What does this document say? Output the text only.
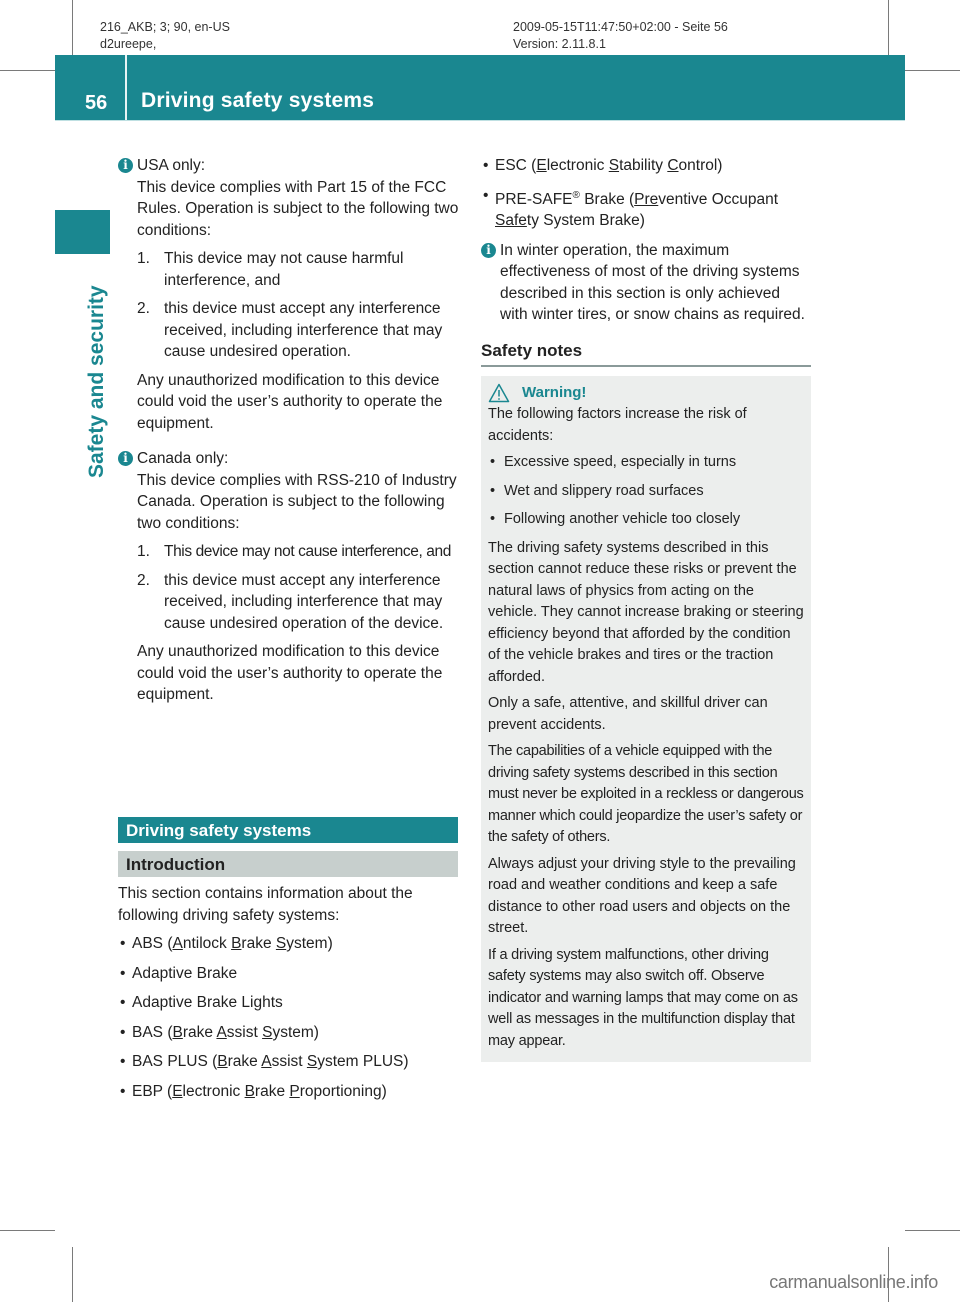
216_AKB; 3; 90, en-US
d2ureepe,
2009-05-15T11:47:50+02:00 - Seite 56
Version: 2.11.8.1
56	Driving safety systems
Safety and security
i USA only:

This device complies with Part 15 of the FCC Rules. Operation is subject to the following two conditions:

1. This device may not cause harmful interference, and
2. this device must accept any interference received, including interference that may cause undesired operation.

Any unauthorized modification to this device could void the user’s authority to operate the equipment.

i Canada only:

This device complies with RSS-210 of Industry Canada. Operation is subject to the following two conditions:

1. This device may not cause interference, and
2. this device must accept any interference received, including interference that may cause undesired operation of the device.

Any unauthorized modification to this device could void the user’s authority to operate the equipment.

Driving safety systems
Introduction

This section contains information about the following driving safety systems:

• ABS (Antilock Brake System)
• Adaptive Brake
• Adaptive Brake Lights
• BAS (Brake Assist System)
• BAS PLUS (Brake Assist System PLUS)
• EBP (Electronic Brake Proportioning)
• ESC (Electronic Stability Control)
• PRE-SAFE® Brake (Preventive Occupant Safety System Brake)
i In winter operation, the maximum effectiveness of most of the driving systems described in this section is only achieved with winter tires, or snow chains as required.

Safety notes
Warning!

The following factors increase the risk of accidents:

• Excessive speed, especially in turns
• Wet and slippery road surfaces
• Following another vehicle too closely

The driving safety systems described in this section cannot reduce these risks or prevent the natural laws of physics from acting on the vehicle. They cannot increase braking or steering efficiency beyond that afforded by the condition of the vehicle brakes and tires or the traction afforded.

Only a safe, attentive, and skillful driver can prevent accidents.

The capabilities of a vehicle equipped with the driving safety systems described in this section must never be exploited in a reckless or dangerous manner which could jeopardize the user’s safety or the safety of others.

Always adjust your driving style to the prevailing road and weather conditions and keep a safe distance to other road users and objects on the street.

If a driving system malfunctions, other driving safety systems may also switch off. Observe indicator and warning lamps that may come on as well as messages in the multifunction display that may appear.

carmanualsonline.info
